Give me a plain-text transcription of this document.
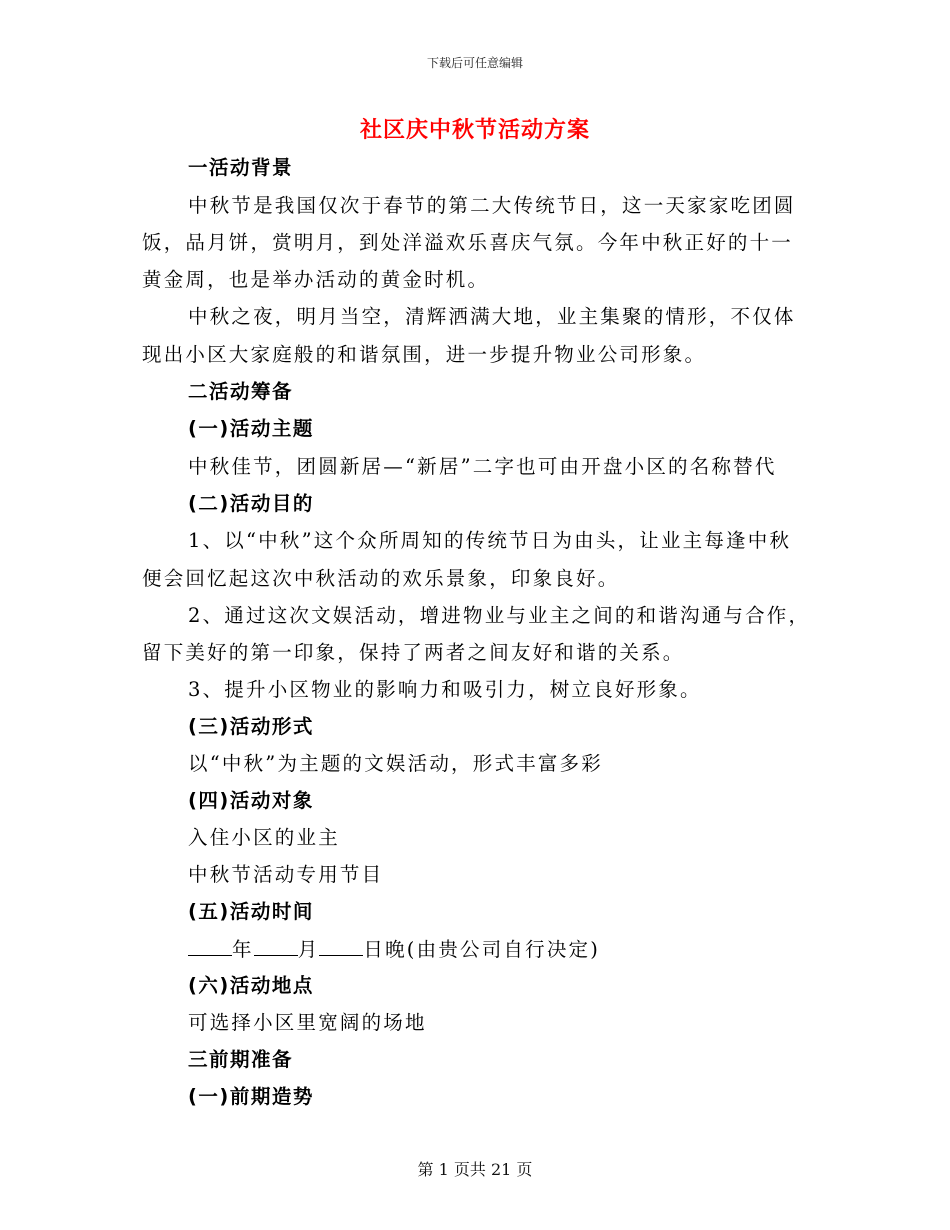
下载后可任意编辑
社区庆中秋节活动方案
一活动背景
中秋节是我国仅次于春节的第二大传统节日，这一天家家吃团圆
饭，品月饼，赏明月，到处洋溢欢乐喜庆气氛。今年中秋正好的十一
黄金周，也是举办活动的黄金时机。
中秋之夜，明月当空，清辉洒满大地，业主集聚的情形，不仅体
现出小区大家庭般的和谐氛围，进一步提升物业公司形象。
二活动筹备
(一)活动主题
中秋佳节，团圆新居—“新居”二字也可由开盘小区的名称替代
(二)活动目的
1、以“中秋”这个众所周知的传统节日为由头，让业主每逢中秋
便会回忆起这次中秋活动的欢乐景象，印象良好。
2、通过这次文娱活动，增进物业与业主之间的和谐沟通与合作，
留下美好的第一印象，保持了两者之间友好和谐的关系。
3、提升小区物业的影响力和吸引力，树立良好形象。
(三)活动形式
以“中秋”为主题的文娱活动，形式丰富多彩
(四)活动对象
入住小区的业主
中秋节活动专用节目
(五)活动时间
年 月 日晚(由贵公司自行决定)
(六)活动地点
可选择小区里宽阔的场地
三前期准备
(一)前期造势
第 1 页共 21 页
